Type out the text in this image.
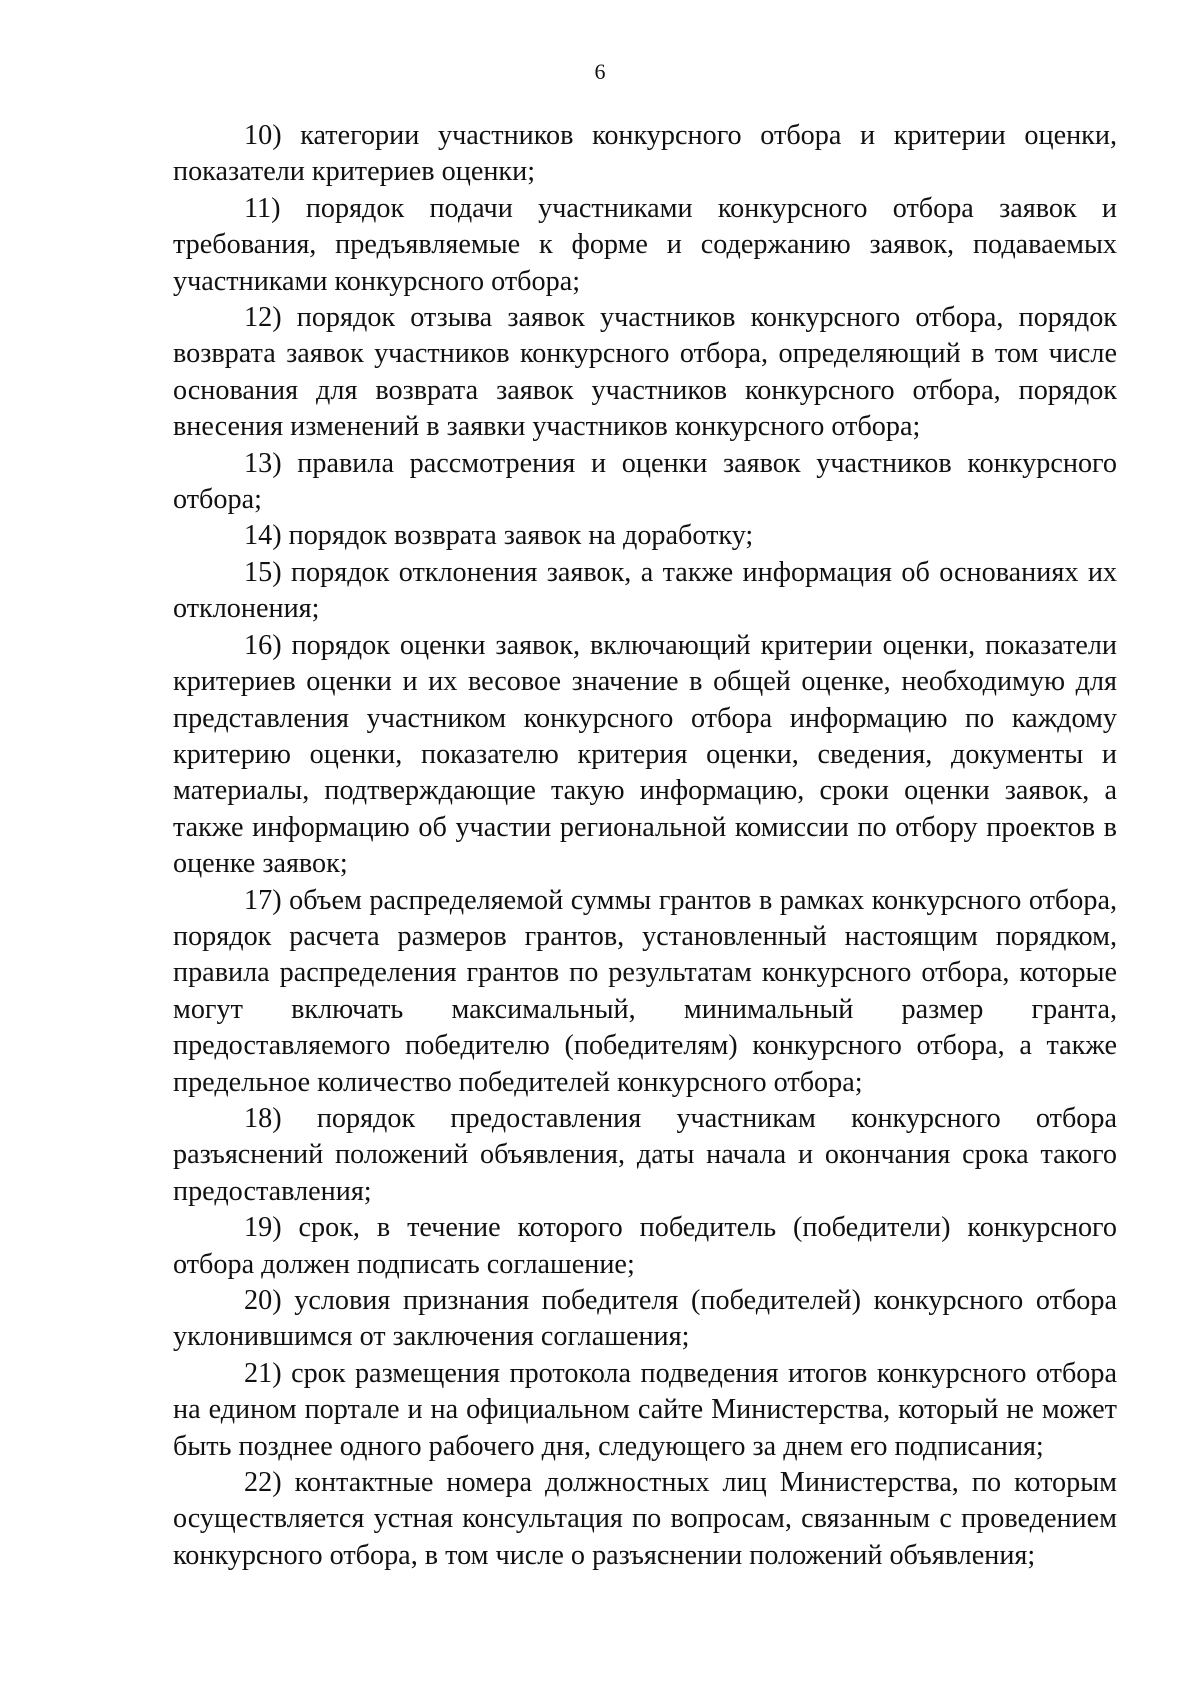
6

10) категории участников конкурсного отбора и критерии оценки, показатели критериев оценки;

11) порядок подачи участниками конкурсного отбора заявок и требования, предъявляемые к форме и содержанию заявок, подаваемых участниками конкурсного отбора;

12) порядок отзыва заявок участников конкурсного отбора, порядок возврата заявок участников конкурсного отбора, определяющий в том числе основания для возврата заявок участников конкурсного отбора, порядок внесения изменений в заявки участников конкурсного отбора;

13) правила рассмотрения и оценки заявок участников конкурсного отбора;

14) порядок возврата заявок на доработку;

15) порядок отклонения заявок, а также информация об основаниях их отклонения;

16) порядок оценки заявок, включающий критерии оценки, показатели критериев оценки и их весовое значение в общей оценке, необходимую для представления участником конкурсного отбора информацию по каждому критерию оценки, показателю критерия оценки, сведения, документы и материалы, подтверждающие такую информацию, сроки оценки заявок, а также информацию об участии региональной комиссии по отбору проектов в оценке заявок;

17) объем распределяемой суммы грантов в рамках конкурсного отбора, порядок расчета размеров грантов, установленный настоящим порядком, правила распределения грантов по результатам конкурсного отбора, которые могут включать максимальный, минимальный размер гранта, предоставляемого победителю (победителям) конкурсного отбора, а также предельное количество победителей конкурсного отбора;

18) порядок предоставления участникам конкурсного отбора разъяснений положений объявления, даты начала и окончания срока такого предоставления;

19) срок, в течение которого победитель (победители) конкурсного отбора должен подписать соглашение;

20) условия признания победителя (победителей) конкурсного отбора уклонившимся от заключения соглашения;

21) срок размещения протокола подведения итогов конкурсного отбора на едином портале и на официальном сайте Министерства, который не может быть позднее одного рабочего дня, следующего за днем его подписания;

22) контактные номера должностных лиц Министерства, по которым осуществляется устная консультация по вопросам, связанным с проведением конкурсного отбора, в том числе о разъяснении положений объявления;
